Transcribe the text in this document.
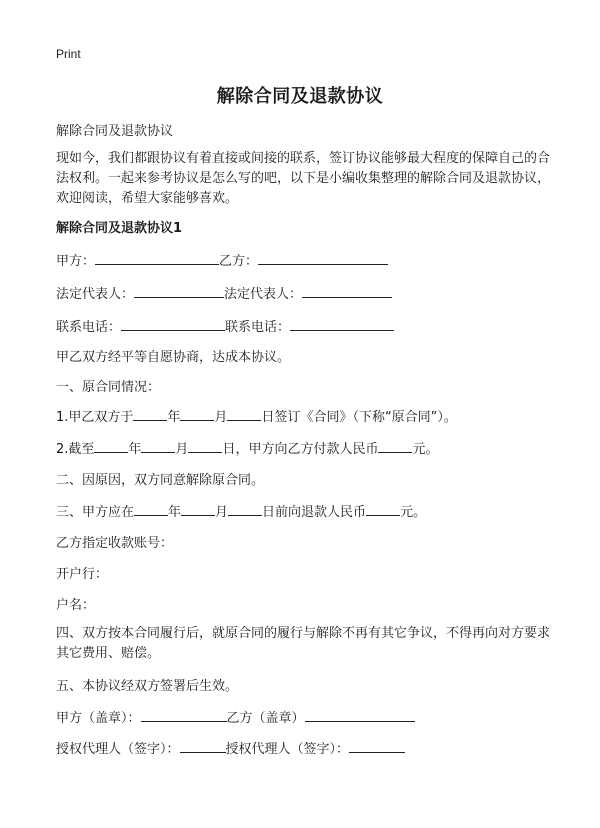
Print
解除合同及退款协议
解除合同及退款协议

现如今，我们都跟协议有着直接或间接的联系，签订协议能够最大程度的保障自己的合法权利。一起来参考协议是怎么写的吧，以下是小编收集整理的解除合同及退款协议，欢迎阅读，希望大家能够喜欢。

解除合同及退款协议1
甲方：	乙方：
法定代表人：	法定代表人：
联系电话：	联系电话：
甲乙双方经平等自愿协商，达成本协议。
一、原合同情况：
1.甲乙双方于	年	月	日签订《合同》（下称“原合同”）。
2.截至	年	月	日，甲方向乙方付款人民币	元。
二、因原因，双方同意解除原合同。
三、甲方应在	年	月	日前向退款人民币	元。
乙方指定收款账号：
开户行：
户名：

四、双方按本合同履行后，就原合同的履行与解除不再有其它争议，不得再向对方要求其它费用、赔偿。

五、本协议经双方签署后生效。
甲方（盖章）：	乙方（盖章）
授权代理人（签字）：	授权代理人（签字）：
